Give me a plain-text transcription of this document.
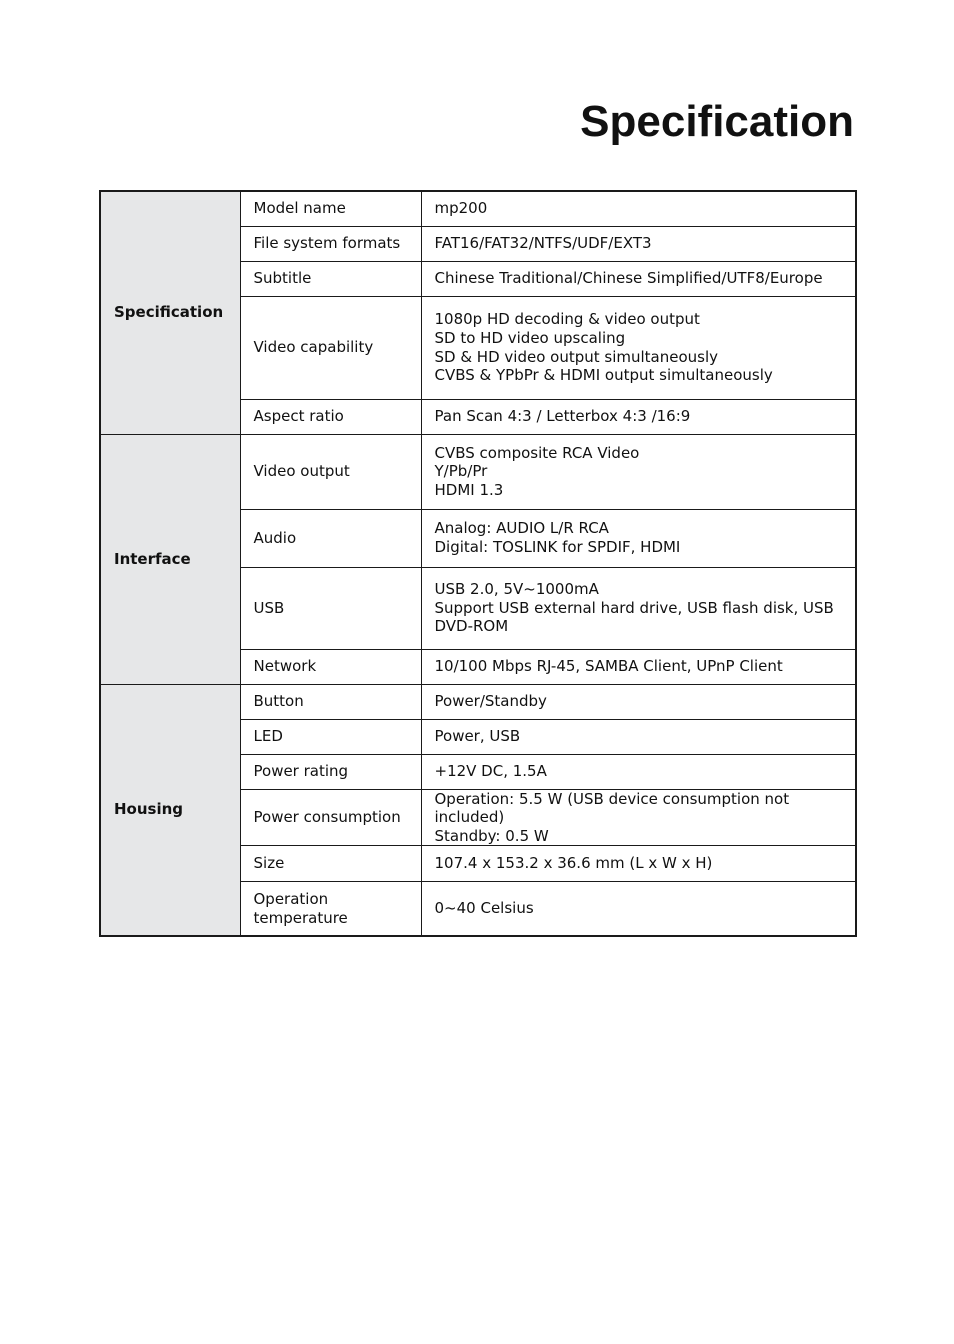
Specification
Specification	Model name	mp200

	File system formats	FAT16/FAT32/NTFS/UDF/EXT3

	Subtitle	Chinese Traditional/Chinese Simplified/UTF8/Europe

	Video capability	1080p HD decoding & video output
SD to HD video upscaling
SD & HD video output simultaneously
CVBS & YPbPr & HDMI output simultaneously

	Aspect ratio	Pan Scan 4:3 / Letterbox 4:3 /16:9

Interface	Video output	CVBS composite RCA Video
Y/Pb/Pr
HDMI 1.3

	Audio	Analog: AUDIO L/R RCA
Digital: TOSLINK for SPDIF, HDMI

	USB	USB 2.0, 5V~1000mA
Support USB external hard drive, USB flash disk, USB
DVD-ROM

	Network	10/100 Mbps RJ-45, SAMBA Client, UPnP Client

Housing	Button	Power/Standby

	LED	Power, USB

	Power rating	+12V DC, 1.5A

	Power consumption	Operation: 5.5 W (USB device consumption not included)
Standby: 0.5 W

	Size	107.4 x 153.2 x 36.6 mm (L x W x H)

	Operation
temperature	0~40 Celsius
